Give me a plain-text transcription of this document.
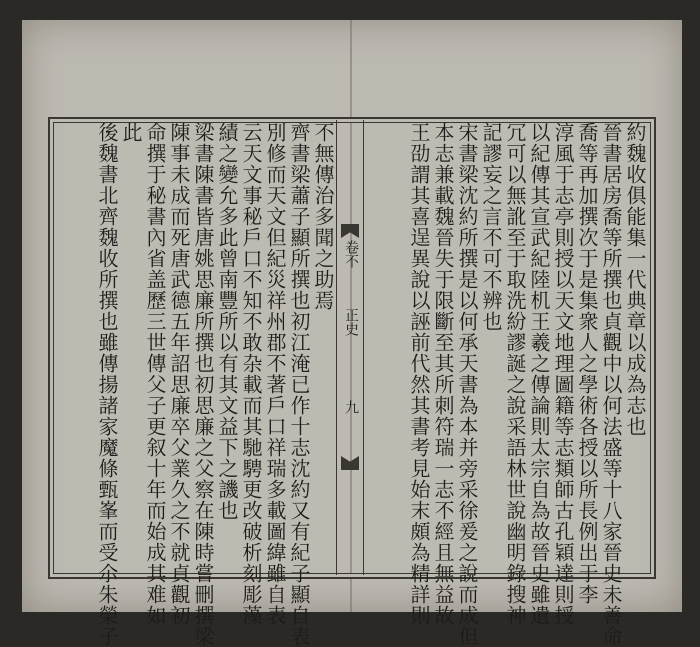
卷不
正史
九	約魏收俱能集一代典章以成為志也
晉書居房喬等所撰也貞觀中以何法盛等十八家晉史未善命
喬等再加撰次于是集衆人之學術各授以所長例出于李
淳風于志亭則授以天文地理圖籍等志類師古孔穎達則授
以紀傳其宣武紀陸机王羲之傳論則太宗自為故晉史雖遺
冗可以無訛至于取洗紛謬誕之說采語林世說幽明錄搜神
記謬妄之言不可不辨也
宋書梁沈約所撰是以何承天書為本并旁采徐爰之說而成但
本志兼載魏晉失于限斷至其所刺符瑞一志不經且無益故
王劭謂其喜逞異說以誣前代然其書考見始末頗為精詳則
不無傳治多聞之助焉
齊書梁蕭子顯所撰也初江淹已作十志沈約又有紀子顯自表
別修而天文但紀災祥州郡不著戶口祥瑞多載圖緯雖自表
云天文事秘戶口不知不敢杂載而其馳騁更改破析刻彫藻
績之變允多此曾南豐所以有其文益下之譏也
梁書陳書皆唐姚思廉所撰也初思廉之父察在陳時嘗刪撰梁
陳事未成而死唐武德五年詔思廉卒父業久之不就貞觀初
命撰于秘書內省盖歷三世傳父子更叙十年而始成其难如
此
後魏書北齊魏收所撰也雖傳揚諸家魔條甄峯而受尒朱榮子
